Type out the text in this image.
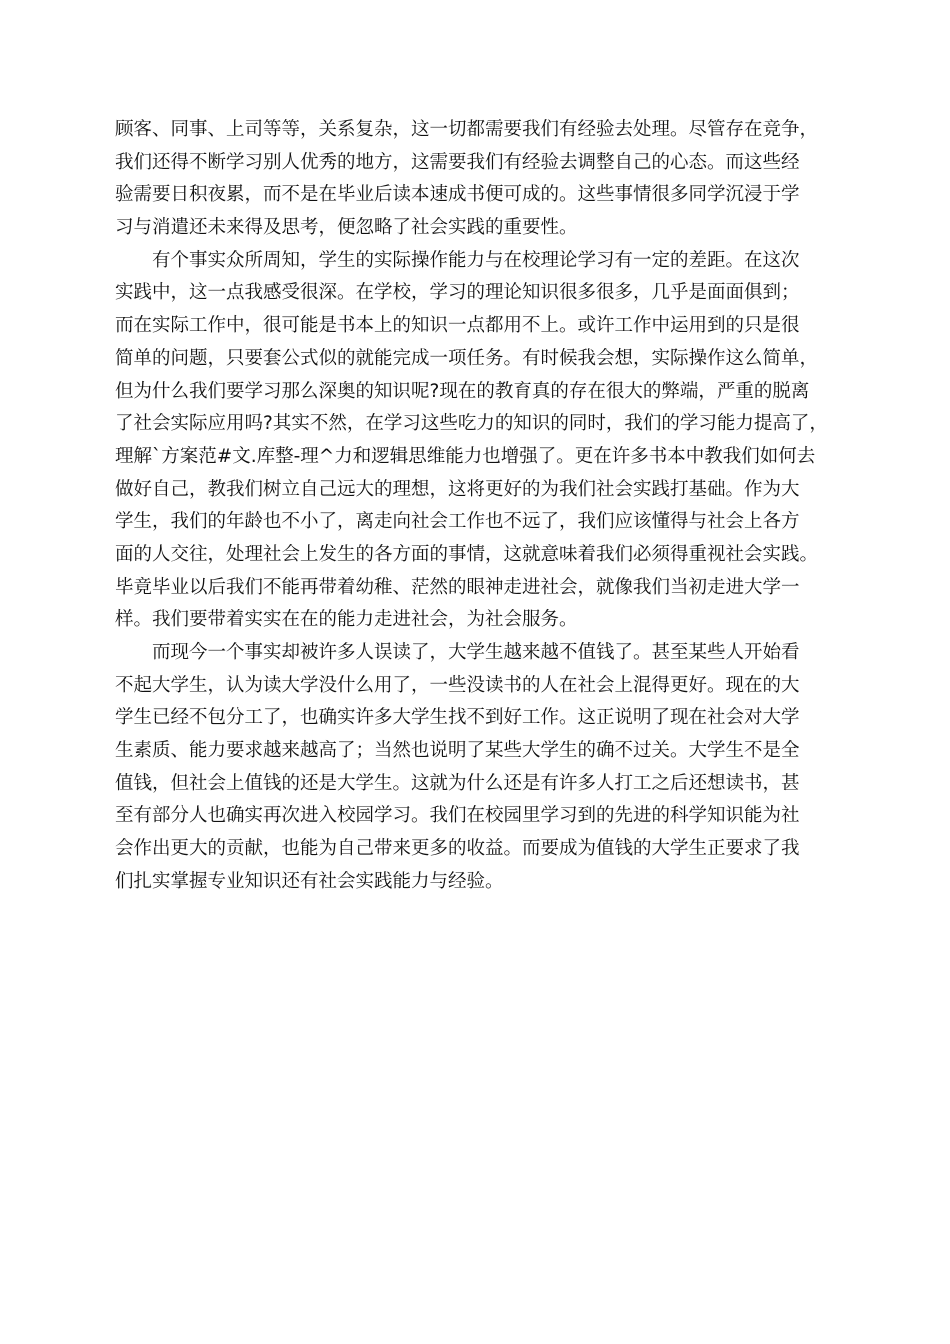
顾客、同事、上司等等，关系复杂，这一切都需要我们有经验去处理。尽管存在竞争，
我们还得不断学习别人优秀的地方，这需要我们有经验去调整自己的心态。而这些经
验需要日积夜累，而不是在毕业后读本速成书便可成的。这些事情很多同学沉浸于学
习与消遣还未来得及思考，便忽略了社会实践的重要性。
　　有个事实众所周知，学生的实际操作能力与在校理论学习有一定的差距。在这次
实践中，这一点我感受很深。在学校，学习的理论知识很多很多，几乎是面面俱到；
而在实际工作中，很可能是书本上的知识一点都用不上。或许工作中运用到的只是很
简单的问题，只要套公式似的就能完成一项任务。有时候我会想，实际操作这么简单，
但为什么我们要学习那么深奥的知识呢?现在的教育真的存在很大的弊端，严重的脱离
了社会实际应用吗?其实不然，在学习这些吃力的知识的同时，我们的学习能力提高了，
理解`方案范#文.库整-理^力和逻辑思维能力也增强了。更在许多书本中教我们如何去
做好自己，教我们树立自己远大的理想，这将更好的为我们社会实践打基础。作为大
学生，我们的年龄也不小了，离走向社会工作也不远了，我们应该懂得与社会上各方
面的人交往，处理社会上发生的各方面的事情，这就意味着我们必须得重视社会实践。
毕竟毕业以后我们不能再带着幼稚、茫然的眼神走进社会，就像我们当初走进大学一
样。我们要带着实实在在的能力走进社会，为社会服务。
　　而现今一个事实却被许多人误读了，大学生越来越不值钱了。甚至某些人开始看
不起大学生，认为读大学没什么用了，一些没读书的人在社会上混得更好。现在的大
学生已经不包分工了，也确实许多大学生找不到好工作。这正说明了现在社会对大学
生素质、能力要求越来越高了；当然也说明了某些大学生的确不过关。大学生不是全
值钱，但社会上值钱的还是大学生。这就为什么还是有许多人打工之后还想读书，甚
至有部分人也确实再次进入校园学习。我们在校园里学习到的先进的科学知识能为社
会作出更大的贡献，也能为自己带来更多的收益。而要成为值钱的大学生正要求了我
们扎实掌握专业知识还有社会实践能力与经验。
